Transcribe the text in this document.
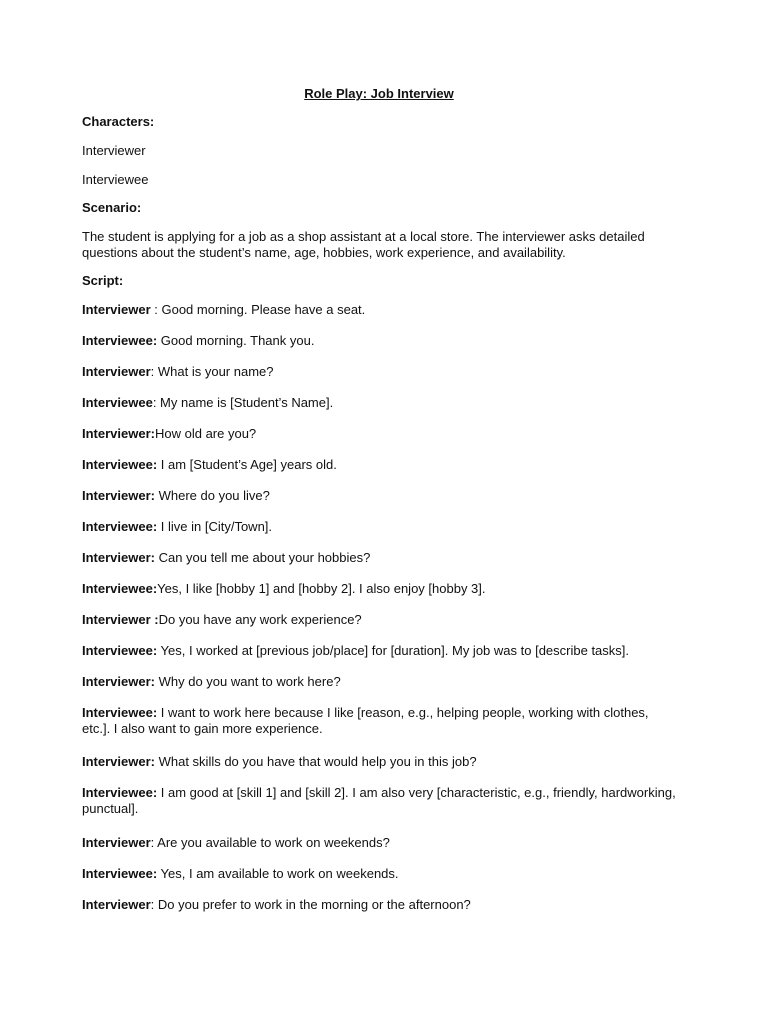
Role Play: Job Interview
Characters:
Interviewer
Interviewee
Scenario:
The student is applying for a job as a shop assistant at a local store. The interviewer asks detailed questions about the student’s name, age, hobbies, work experience, and availability.
Script:
Interviewer : Good morning. Please have a seat.
Interviewee: Good morning. Thank you.
Interviewer: What is your name?
Interviewee: My name is [Student’s Name].
Interviewer:How old are you?
Interviewee: I am [Student’s Age] years old.
Interviewer: Where do you live?
Interviewee: I live in [City/Town].
Interviewer: Can you tell me about your hobbies?
Interviewee:Yes, I like [hobby 1] and [hobby 2]. I also enjoy [hobby 3].
Interviewer :Do you have any work experience?
Interviewee: Yes, I worked at [previous job/place] for [duration]. My job was to [describe tasks].
Interviewer: Why do you want to work here?
Interviewee: I want to work here because I like [reason, e.g., helping people, working with clothes, etc.]. I also want to gain more experience.
Interviewer: What skills do you have that would help you in this job?
Interviewee: I am good at [skill 1] and [skill 2]. I am also very [characteristic, e.g., friendly, hardworking, punctual].
Interviewer: Are you available to work on weekends?
Interviewee: Yes, I am available to work on weekends.
Interviewer: Do you prefer to work in the morning or the afternoon?
